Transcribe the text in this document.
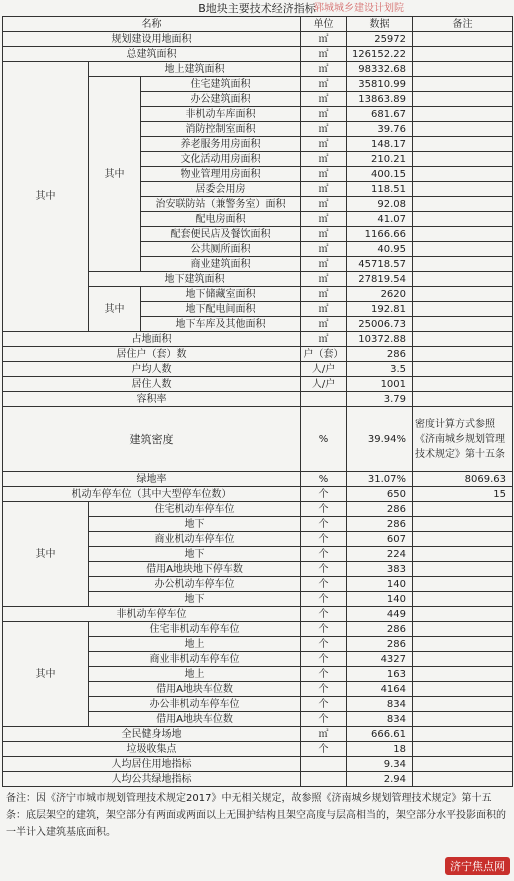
B地块主要技术经济指标
郓城城乡建设计划院
名称			单位	数据	备注
规划建设用地面积			㎡	25972	
总建筑面积			㎡	126152.22	
其中	地上建筑面积		㎡	98332.68	
	其中	住宅建筑面积	㎡	35810.99	
		办公建筑面积	㎡	13863.89	
		非机动车库面积	㎡	681.67	
		消防控制室面积	㎡	39.76	
		养老服务用房面积	㎡	148.17	
		文化活动用房面积	㎡	210.21	
		物业管理用房面积	㎡	400.15	
		居委会用房	㎡	118.51	
		治安联防站（兼警务室）面积	㎡	92.08	
		配电房面积	㎡	41.07	
		配套便民店及餐饮面积	㎡	1166.66	
		公共厕所面积	㎡	40.95	
		商业建筑面积	㎡	45718.57	
	地下建筑面积		㎡	27819.54	
	其中	地下储藏室面积	㎡	2620	
		地下配电间面积	㎡	192.81	
		地下车库及其他面积	㎡	25006.73	
占地面积			㎡	10372.88	
居住户（套）数			户（套）	286	
户均人数			人/户	3.5	
居住人数			人/户	1001	
容积率				3.79	
建筑密度			%	39.94%	密度计算方式参照《济南城乡规划管理技术规定》第十五条
绿地率			%	31.07%	8069.63
机动车停车位（其中大型停车位数）			个	650	15
其中	住宅机动车停车位		个	286	
	地下		个	286	
	商业机动车停车位		个	607	
	地下		个	224	
	借用A地块地下停车数		个	383	
	办公机动车停车位		个	140	
	地下		个	140	
非机动车停车位			个	449	
其中	住宅非机动车停车位		个	286	
	地上		个	286	
	商业非机动车停车位		个	4327	
	地上		个	163	
	借用A地块车位数		个	4164	
	办公非机动车停车位		个	834	
	借用A地块车位数		个	834	
全民健身场地			㎡	666.61	
垃圾收集点			个	18	
人均居住用地指标				9.34	
人均公共绿地指标				2.94	
备注：因《济宁市城市规划管理技术规定2017》中无相关规定，故参照《济南城乡规划管理技术规定》第十五条：底层架空的建筑，架空部分有两面或两面以上无围护结构且架空高度与层高相当的，架空部分水平投影面积的一半计入建筑基底面积。
济宁焦点网
